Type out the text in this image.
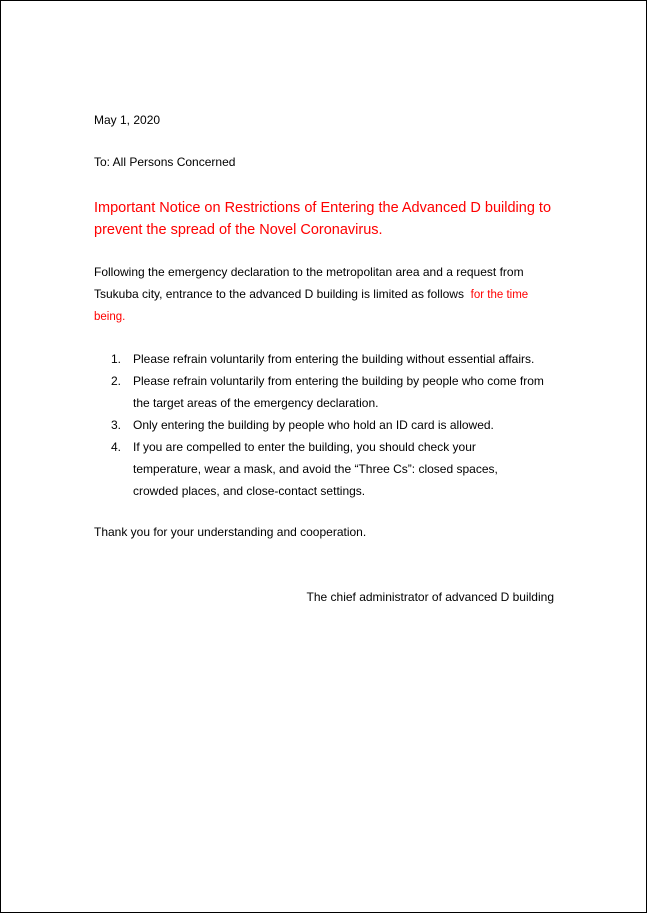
May 1, 2020

To: All Persons Concerned

Important Notice on Restrictions of Entering the Advanced D building to
prevent the spread of the Novel Coronavirus.

Following the emergency declaration to the metropolitan area and a request from
Tsukuba city, entrance to the advanced D building is limited as follows for the time
being.

1. Please refrain voluntarily from entering the building without essential affairs.
2. Please refrain voluntarily from entering the building by people who come from
the target areas of the emergency declaration.
3. Only entering the building by people who hold an ID card is allowed.
4. If you are compelled to enter the building, you should check your
temperature, wear a mask, and avoid the “Three Cs”: closed spaces,
crowded places, and close-contact settings.

Thank you for your understanding and cooperation.

The chief administrator of advanced D building
